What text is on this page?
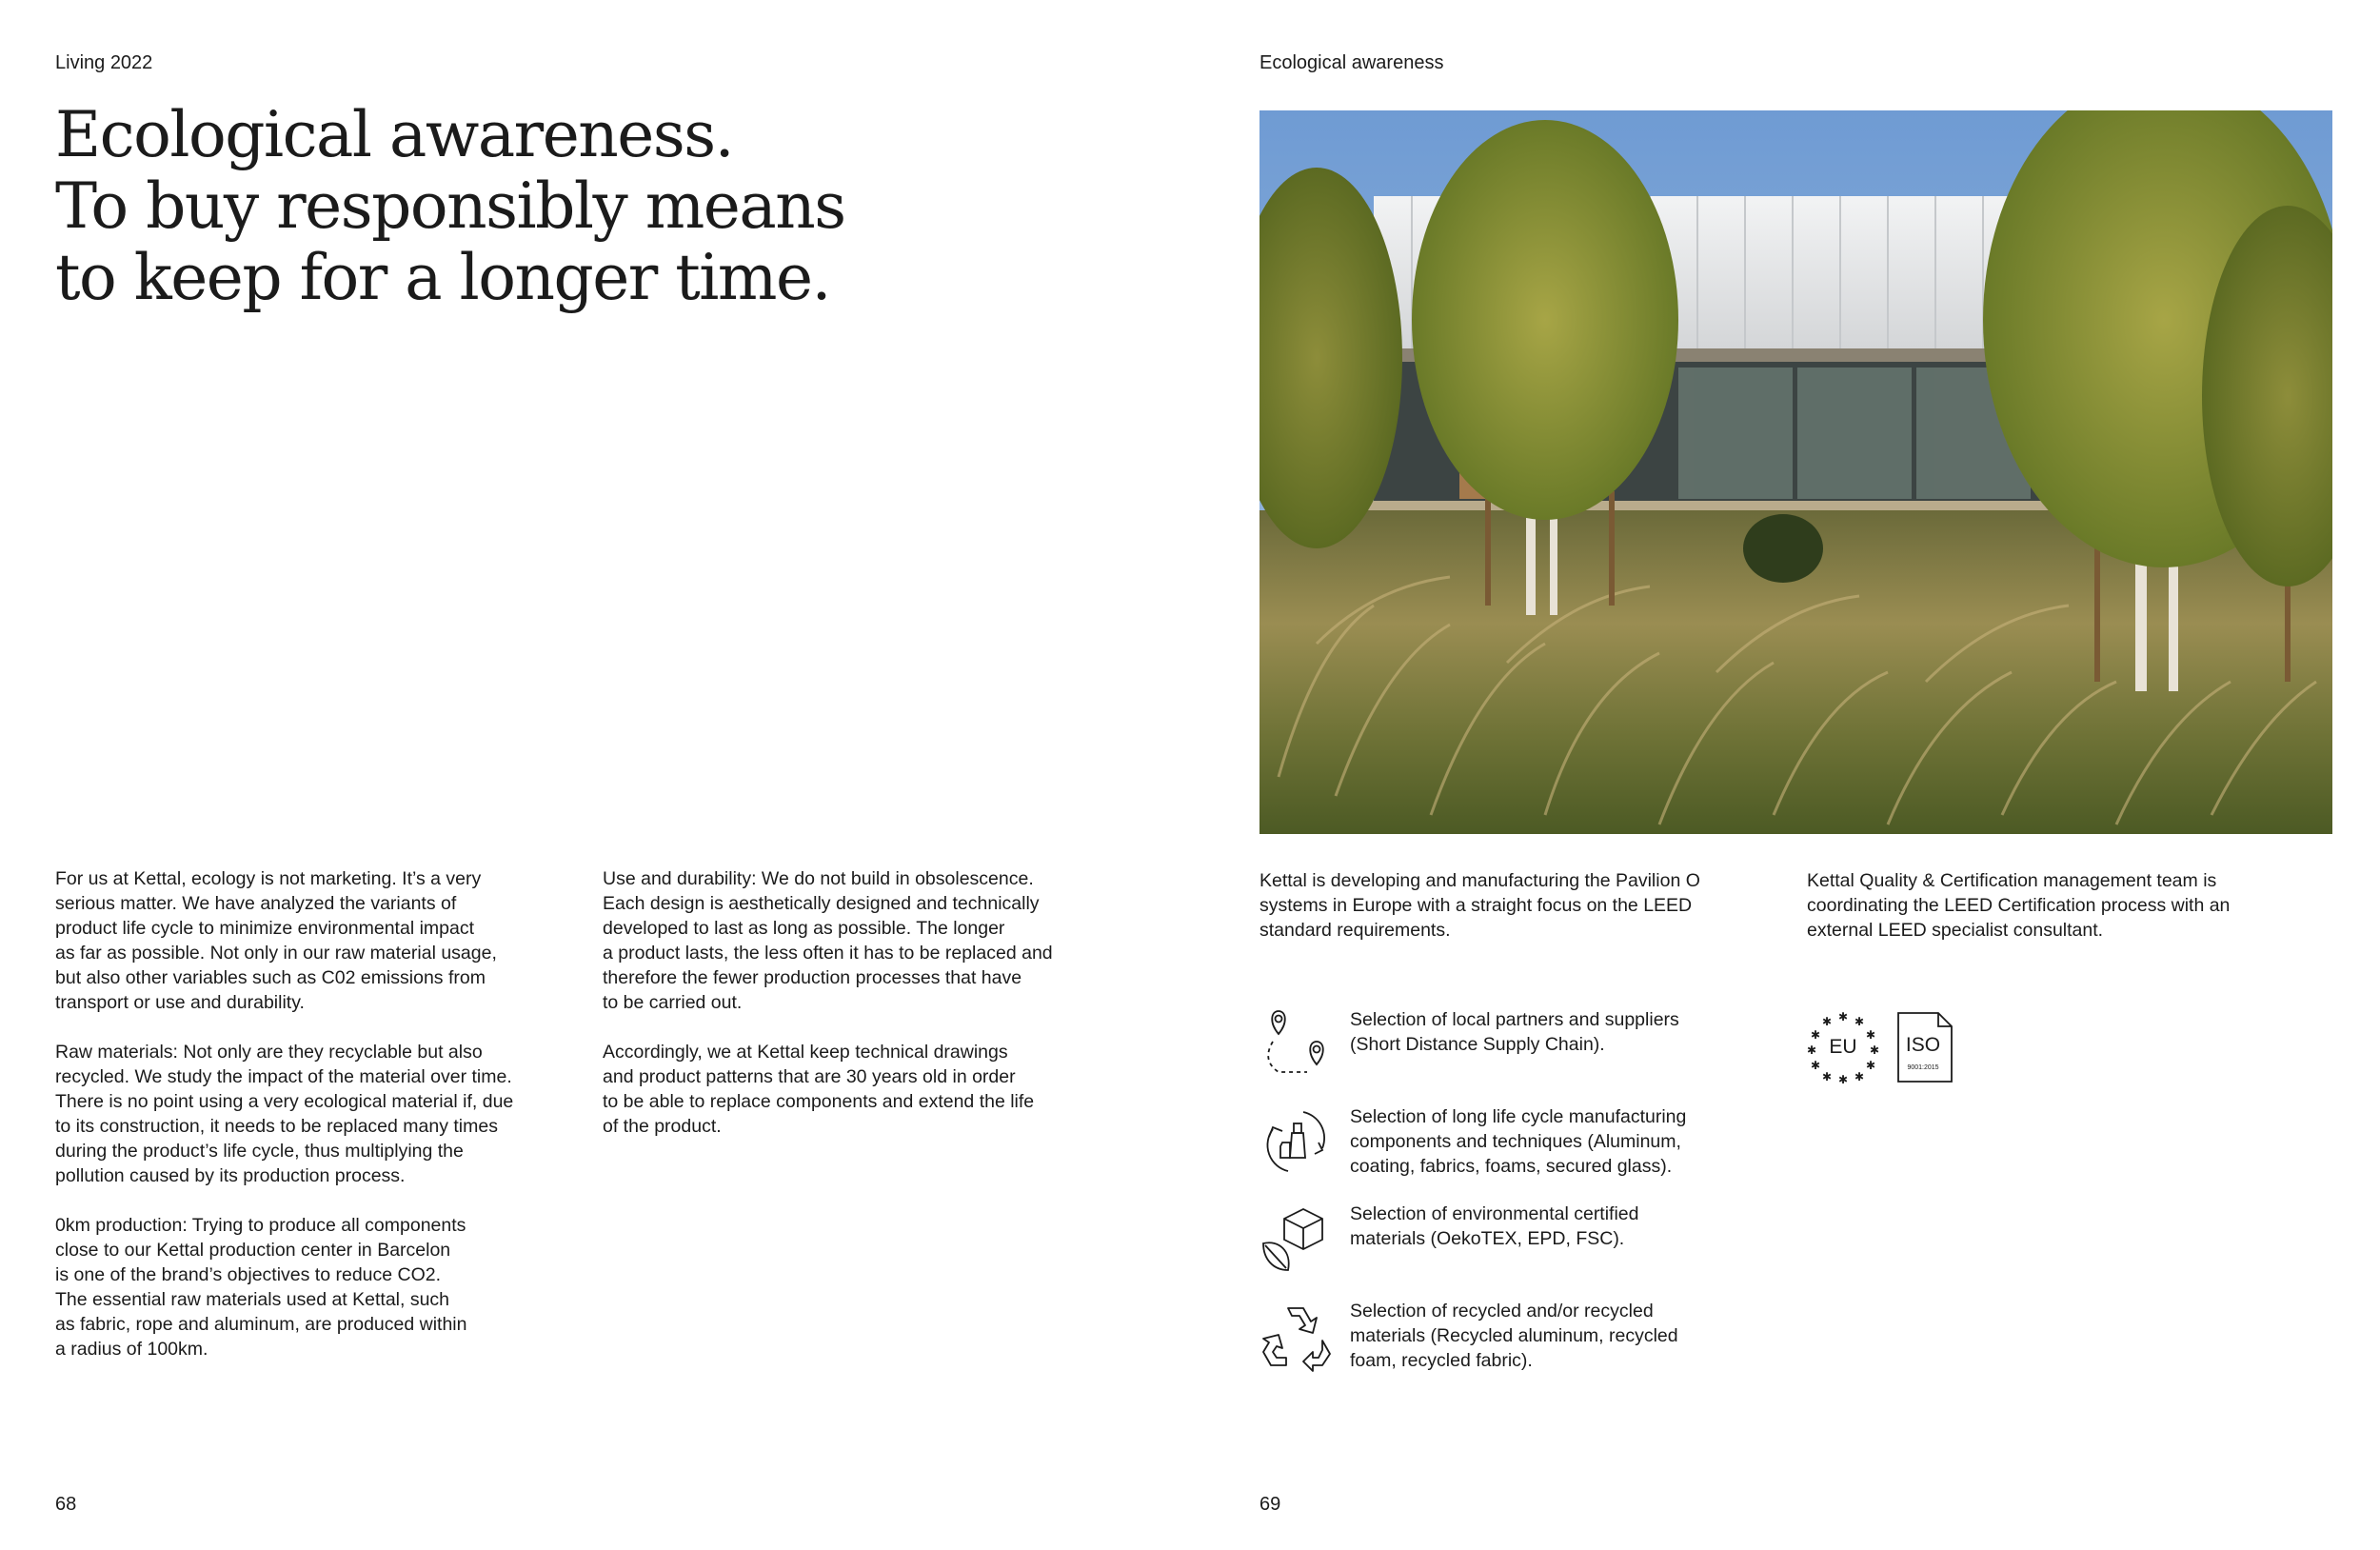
Living 2022

Ecological awareness.
To buy responsibly means
to keep for a longer time.

For us at Kettal, ecology is not marketing. It’s a very
serious matter. We have analyzed the variants of
product life cycle to minimize environmental impact
as far as possible. Not only in our raw material usage,
but also other variables such as C02 emissions from
transport or use and durability.

Raw materials: Not only are they recyclable but also
recycled. We study the impact of the material over time.
There is no point using a very ecological material if, due
to its construction, it needs to be replaced many times
during the product’s life cycle, thus multiplying the
pollution caused by its production process.

0km production: Trying to produce all components
close to our Kettal production center in Barcelon
is one of the brand’s objectives to reduce CO2.
The essential raw materials used at Kettal, such
as fabric, rope and aluminum, are produced within
a radius of 100km.

Use and durability: We do not build in obsolescence.
Each design is aesthetically designed and technically
developed to last as long as possible. The longer
a product lasts, the less often it has to be replaced and
therefore the fewer production processes that have
to be carried out.

Accordingly, we at Kettal keep technical drawings
and product patterns that are 30 years old in order
to be able to replace components and extend the life
of the product.

68

Ecological awareness

Kettal is developing and manufacturing the Pavilion O
systems in Europe with a straight focus on the LEED
standard requirements.

Kettal Quality & Certification management team is
coordinating the LEED Certification process with an
external LEED specialist consultant.

Selection of local partners and suppliers
(Short Distance Supply Chain).

Selection of long life cycle manufacturing
components and techniques (Aluminum,
coating, fabrics, foams, secured glass).

Selection of environmental certified
materials (OekoTEX, EPD, FSC).

Selection of recycled and/or recycled
materials (Recycled aluminum, recycled
foam, recycled fabric).

✱ ✱
✱
✱
✱
✱
✱
✱
✱
✱
✱
✱
EU	ISO
9001:2015

69
